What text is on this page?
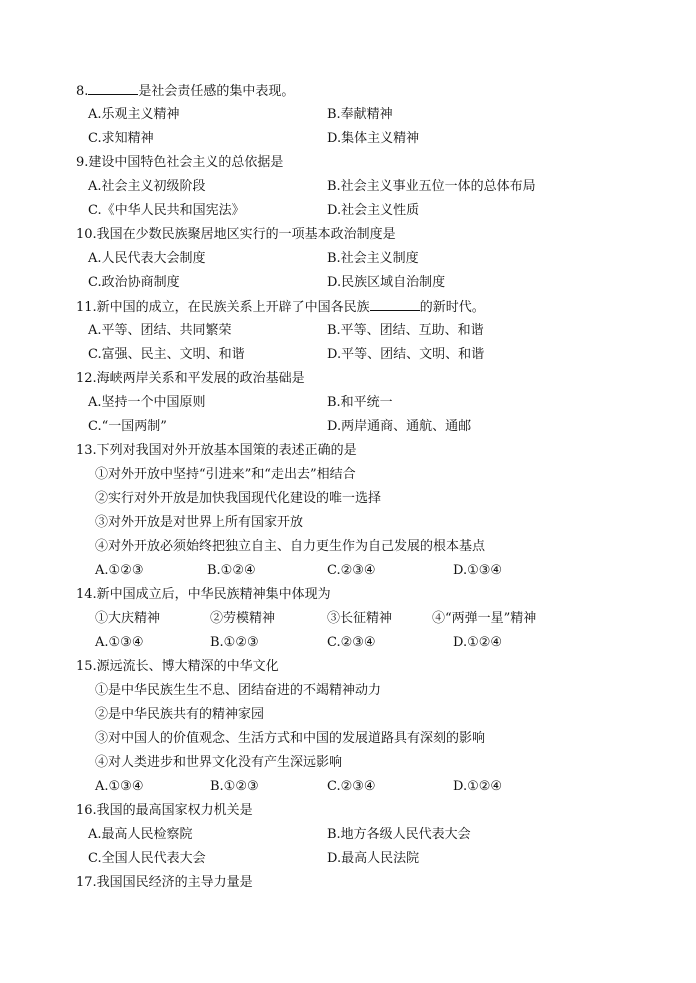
8.	是社会责任感的集中表现。
A.乐观主义精神	B.奉献精神
C.求知精神	D.集体主义精神
9.建设中国特色社会主义的总依据是
A.社会主义初级阶段	B.社会主义事业五位一体的总体布局
C.《中华人民共和国宪法》	D.社会主义性质
10.我国在少数民族聚居地区实行的一项基本政治制度是
A.人民代表大会制度	B.社会主义制度
C.政治协商制度	D.民族区域自治制度
11.新中国的成立，在民族关系上开辟了中国各民族	的新时代。
A.平等、团结、共同繁荣	B.平等、团结、互助、和谐
C.富强、民主、文明、和谐	D.平等、团结、文明、和谐
12.海峡两岸关系和平发展的政治基础是
A.坚持一个中国原则	B.和平统一
C.“一国两制”	D.两岸通商、通航、通邮
13.下列对我国对外开放基本国策的表述正确的是
①对外开放中坚持“引进来”和“走出去”相结合
②实行对外开放是加快我国现代化建设的唯一选择
③对外开放是对世界上所有国家开放
④对外开放必须始终把独立自主、自力更生作为自己发展的根本基点
A.①②③	B.①②④	C.②③④	D.①③④
14.新中国成立后，中华民族精神集中体现为
①大庆精神	②劳模精神	③长征精神	④“两弹一星”精神
A.①③④	B.①②③	C.②③④	D.①②④
15.源远流长、博大精深的中华文化
①是中华民族生生不息、团结奋进的不竭精神动力
②是中华民族共有的精神家园
③对中国人的价值观念、生活方式和中国的发展道路具有深刻的影响
④对人类进步和世界文化没有产生深远影响
A.①③④	B.①②③	C.②③④	D.①②④
16.我国的最高国家权力机关是
A.最高人民检察院	B.地方各级人民代表大会
C.全国人民代表大会	D.最高人民法院
17.我国国民经济的主导力量是
